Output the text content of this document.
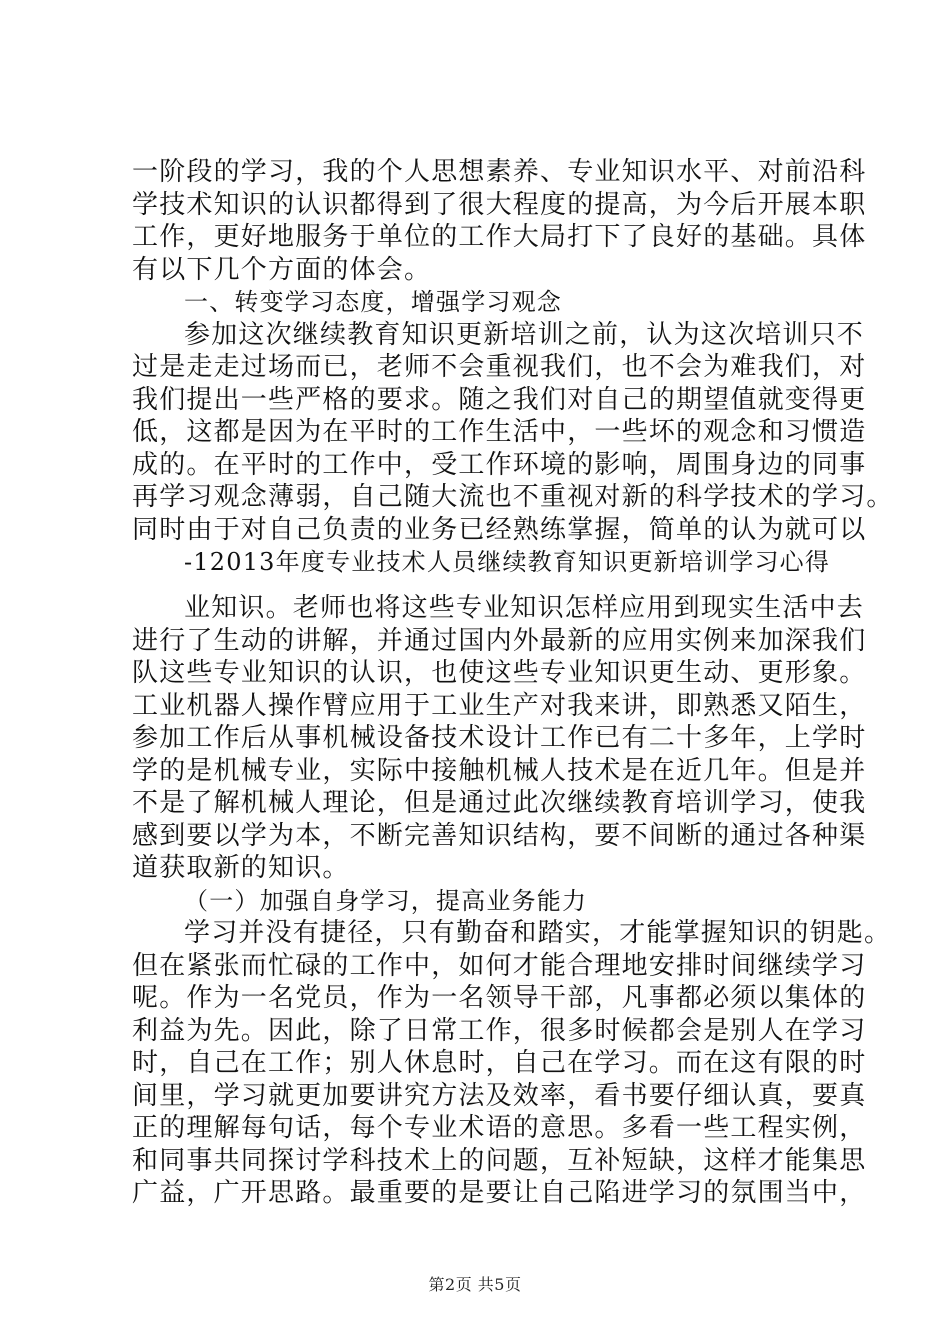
一阶段的学习，我的个人思想素养、专业知识水平、对前沿科
学技术知识的认识都得到了很大程度的提高，为今后开展本职
工作，更好地服务于单位的工作大局打下了良好的基础。具体
有以下几个方面的体会。
一、转变学习态度，增强学习观念
参加这次继续教育知识更新培训之前，认为这次培训只不
过是走走过场而已，老师不会重视我们，也不会为难我们，对
我们提出一些严格的要求。随之我们对自己的期望值就变得更
低，这都是因为在平时的工作生活中，一些坏的观念和习惯造
成的。在平时的工作中，受工作环境的影响，周围身边的同事
再学习观念薄弱，自己随大流也不重视对新的科学技术的学习。
同时由于对自己负责的业务已经熟练掌握，简单的认为就可以
-12013年度专业技术人员继续教育知识更新培训学习心得
业知识。老师也将这些专业知识怎样应用到现实生活中去
进行了生动的讲解，并通过国内外最新的应用实例来加深我们
队这些专业知识的认识，也使这些专业知识更生动、更形象。
工业机器人操作臂应用于工业生产对我来讲，即熟悉又陌生，
参加工作后从事机械设备技术设计工作已有二十多年，上学时
学的是机械专业，实际中接触机械人技术是在近几年。但是并
不是了解机械人理论，但是通过此次继续教育培训学习，使我
感到要以学为本，不断完善知识结构，要不间断的通过各种渠
道获取新的知识。
（一）加强自身学习，提高业务能力
学习并没有捷径，只有勤奋和踏实，才能掌握知识的钥匙。
但在紧张而忙碌的工作中，如何才能合理地安排时间继续学习
呢。作为一名党员，作为一名领导干部，凡事都必须以集体的
利益为先。因此，除了日常工作，很多时候都会是别人在学习
时，自己在工作；别人休息时，自己在学习。而在这有限的时
间里，学习就更加要讲究方法及效率，看书要仔细认真，要真
正的理解每句话，每个专业术语的意思。多看一些工程实例，
和同事共同探讨学科技术上的问题，互补短缺，这样才能集思
广益，广开思路。最重要的是要让自己陷进学习的氛围当中，
第2页 共5页
